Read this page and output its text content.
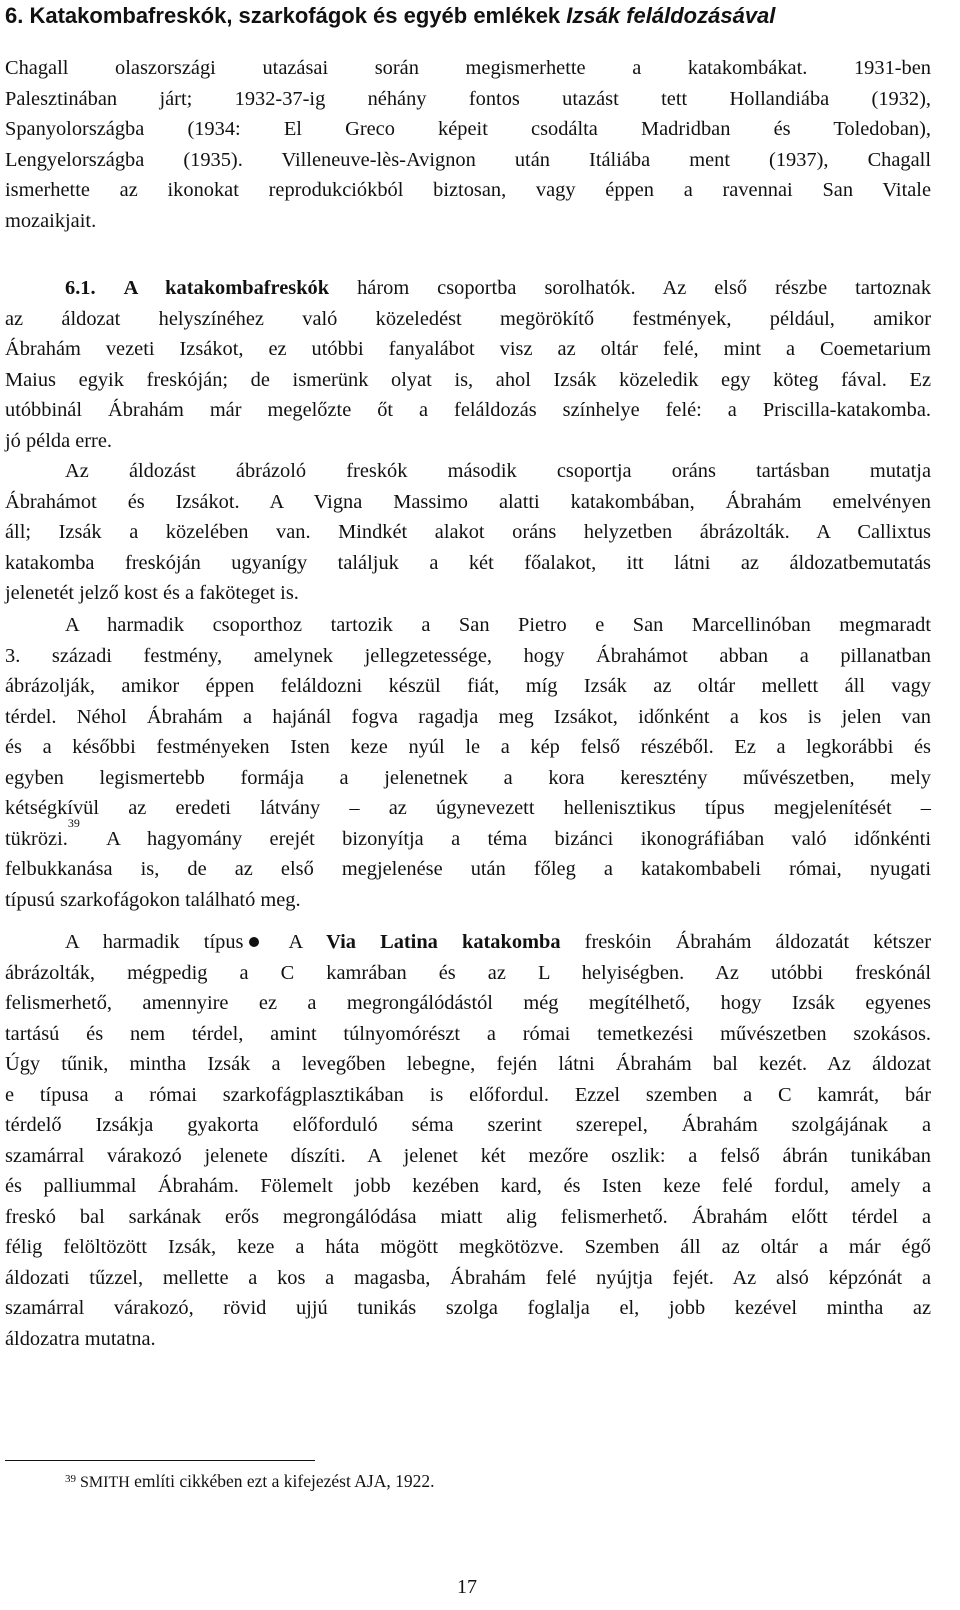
6. Katakombafreskók, szarkofágok és egyéb emlékek Izsák feláldozásával
Chagall olaszországi utazásai során megismerhette a katakombákat. 1931-ben
Palesztinában járt; 1932-37-ig néhány fontos utazást tett Hollandiába (1932),
Spanyolországba (1934: El Greco képeit csodálta Madridban és Toledoban),
Lengyelországba (1935). Villeneuve-lès-Avignon után Itáliába ment (1937), Chagall
ismerhette az ikonokat reprodukciókból biztosan, vagy éppen a ravennai San Vitale
mozaikjait.
6.1. A katakombafreskók három csoportba sorolhatók. Az első részbe tartoznak
az áldozat helyszínéhez való közeledést megörökítő festmények, például, amikor
Ábrahám vezeti Izsákot, ez utóbbi fanyalábot visz az oltár felé, mint a Coemetarium
Maius egyik freskóján; de ismerünk olyat is, ahol Izsák közeledik egy köteg fával. Ez
utóbbinál Ábrahám már megelőzte őt a feláldozás színhelye felé: a Priscilla-katakomba.
jó példa erre.
Az áldozást ábrázoló freskók második csoportja oráns tartásban mutatja
Ábrahámot és Izsákot. A Vigna Massimo alatti katakombában, Ábrahám emelvényen
áll; Izsák a közelében van. Mindkét alakot oráns helyzetben ábrázolták. A Callixtus
katakomba freskóján ugyanígy találjuk a két főalakot, itt látni az áldozatbemutatás
jelenetét jelző kost és a faköteget is.
A harmadik csoporthoz tartozik a San Pietro e San Marcellinóban megmaradt
3. századi festmény, amelynek jellegzetessége, hogy Ábrahámot abban a pillanatban
ábrázolják, amikor éppen feláldozni készül fiát, míg Izsák az oltár mellett áll vagy
térdel. Néhol Ábrahám a hajánál fogva ragadja meg Izsákot, időnként a kos is jelen van
és a későbbi festményeken Isten keze nyúl le a kép felső részéből. Ez a legkorábbi és
egyben legismertebb formája a jelenetnek a kora keresztény művészetben, mely
kétségkívül az eredeti látvány – az úgynevezett hellenisztikus típus megjelenítését –
tükrözi.$^{39}$ A hagyomány erejét bizonyítja a téma bizánci ikonográfiában való időnkénti
felbukkanása is, de az első megjelenése után főleg a katakombabeli római, nyugati
típusú szarkofágokon található meg.
A harmadik típus A Via Latina katakomba freskóin Ábrahám áldozatát kétszer
ábrázolták, mégpedig a C kamrában és az L helyiségben. Az utóbbi freskónál
felismerhető, amennyire ez a megrongálódástól még megítélhető, hogy Izsák egyenes
tartású és nem térdel, amint túlnyomórészt a római temetkezési művészetben szokásos.
Úgy tűnik, mintha Izsák a levegőben lebegne, fején látni Ábrahám bal kezét. Az áldozat
e típusa a római szarkofágplasztikában is előfordul. Ezzel szemben a C kamrát, bár
térdelő Izsákja gyakorta előforduló séma szerint szerepel, Ábrahám szolgájának a
szamárral várakozó jelenete díszíti. A jelenet két mezőre oszlik: a felső ábrán tunikában
és palliummal Ábrahám. Fölemelt jobb kezében kard, és Isten keze felé fordul, amely a
freskó bal sarkának erős megrongálódása miatt alig felismerhető. Ábrahám előtt térdel a
félig felöltözött Izsák, keze a háta mögött megkötözve. Szemben áll az oltár a már égő
áldozati tűzzel, mellette a kos a magasba, Ábrahám felé nyújtja fejét. Az alsó képzónát a
szamárral várakozó, rövid ujjú tunikás szolga foglalja el, jobb kezével mintha az
áldozatra mutatna.
$^{39}$ SMITH említi cikkében ezt a kifejezést AJA, 1922.
17
